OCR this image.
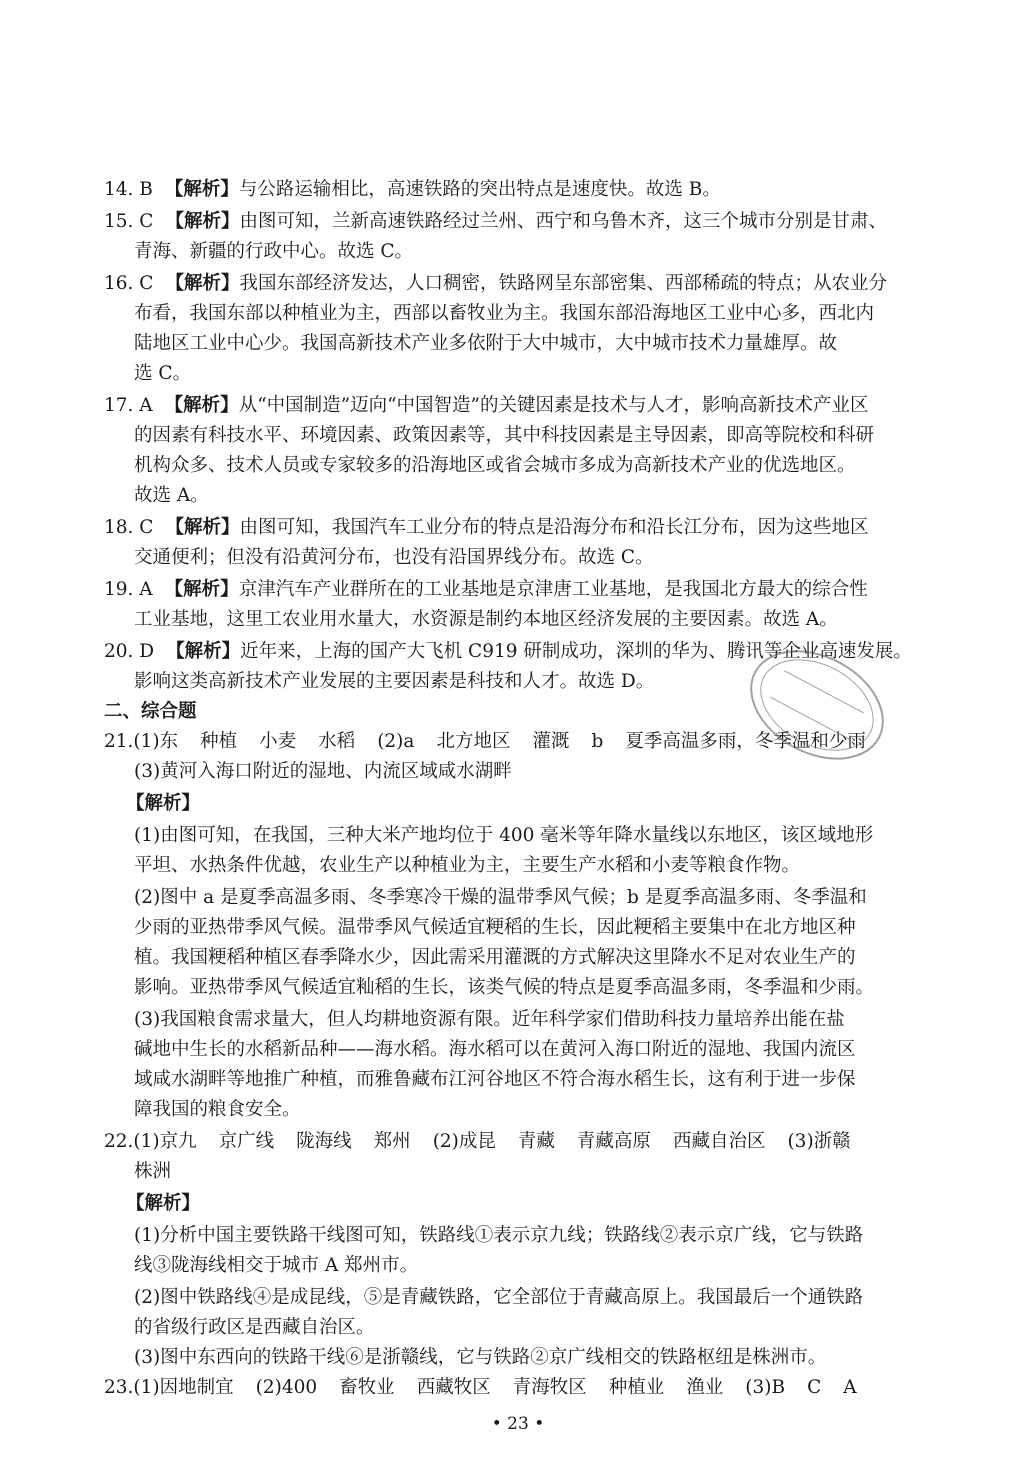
14. B 【解析】与公路运输相比，高速铁路的突出特点是速度快。故选 B。
15. C 【解析】由图可知，兰新高速铁路经过兰州、西宁和乌鲁木齐，这三个城市分别是甘肃、
青海、新疆的行政中心。故选 C。
16. C 【解析】我国东部经济发达，人口稠密，铁路网呈东部密集、西部稀疏的特点；从农业分
布看，我国东部以种植业为主，西部以畜牧业为主。我国东部沿海地区工业中心多，西北内
陆地区工业中心少。我国高新技术产业多依附于大中城市，大中城市技术力量雄厚。故
选 C。
17. A 【解析】从“中国制造”迈向“中国智造”的关键因素是技术与人才，影响高新技术产业区
的因素有科技水平、环境因素、政策因素等，其中科技因素是主导因素，即高等院校和科研
机构众多、技术人员或专家较多的沿海地区或省会城市多成为高新技术产业的优选地区。
故选 A。
18. C 【解析】由图可知，我国汽车工业分布的特点是沿海分布和沿长江分布，因为这些地区
交通便利；但没有沿黄河分布，也没有沿国界线分布。故选 C。
19. A 【解析】京津汽车产业群所在的工业基地是京津唐工业基地，是我国北方最大的综合性
工业基地，这里工农业用水量大，水资源是制约本地区经济发展的主要因素。故选 A。
20. D 【解析】近年来，上海的国产大飞机 C919 研制成功，深圳的华为、腾讯等企业高速发展。
影响这类高新技术产业发展的主要因素是科技和人才。故选 D。
二、综合题
21.(1)东 种植 小麦 水稻 (2)a 北方地区 灌溉 b 夏季高温多雨，冬季温和少雨
(3)黄河入海口附近的湿地、内流区域咸水湖畔
【解析】
(1)由图可知，在我国，三种大米产地均位于 400 毫米等年降水量线以东地区，该区域地形
平坦、水热条件优越，农业生产以种植业为主，主要生产水稻和小麦等粮食作物。
(2)图中 a 是夏季高温多雨、冬季寒冷干燥的温带季风气候；b 是夏季高温多雨、冬季温和
少雨的亚热带季风气候。温带季风气候适宜粳稻的生长，因此粳稻主要集中在北方地区种
植。我国粳稻种植区春季降水少，因此需采用灌溉的方式解决这里降水不足对农业生产的
影响。亚热带季风气候适宜籼稻的生长，该类气候的特点是夏季高温多雨，冬季温和少雨。
(3)我国粮食需求量大，但人均耕地资源有限。近年科学家们借助科技力量培养出能在盐
碱地中生长的水稻新品种——海水稻。海水稻可以在黄河入海口附近的湿地、我国内流区
域咸水湖畔等地推广种植，而雅鲁藏布江河谷地区不符合海水稻生长，这有利于进一步保
障我国的粮食安全。
22.(1)京九 京广线 陇海线 郑州 (2)成昆 青藏 青藏高原 西藏自治区 (3)浙赣
株洲
【解析】
(1)分析中国主要铁路干线图可知，铁路线①表示京九线；铁路线②表示京广线，它与铁路
线③陇海线相交于城市 A 郑州市。
(2)图中铁路线④是成昆线，⑤是青藏铁路，它全部位于青藏高原上。我国最后一个通铁路
的省级行政区是西藏自治区。
(3)图中东西向的铁路干线⑥是浙赣线，它与铁路②京广线相交的铁路枢纽是株洲市。
23.(1)因地制宜 (2)400 畜牧业 西藏牧区 青海牧区 种植业 渔业 (3)B C A
• 23 •
